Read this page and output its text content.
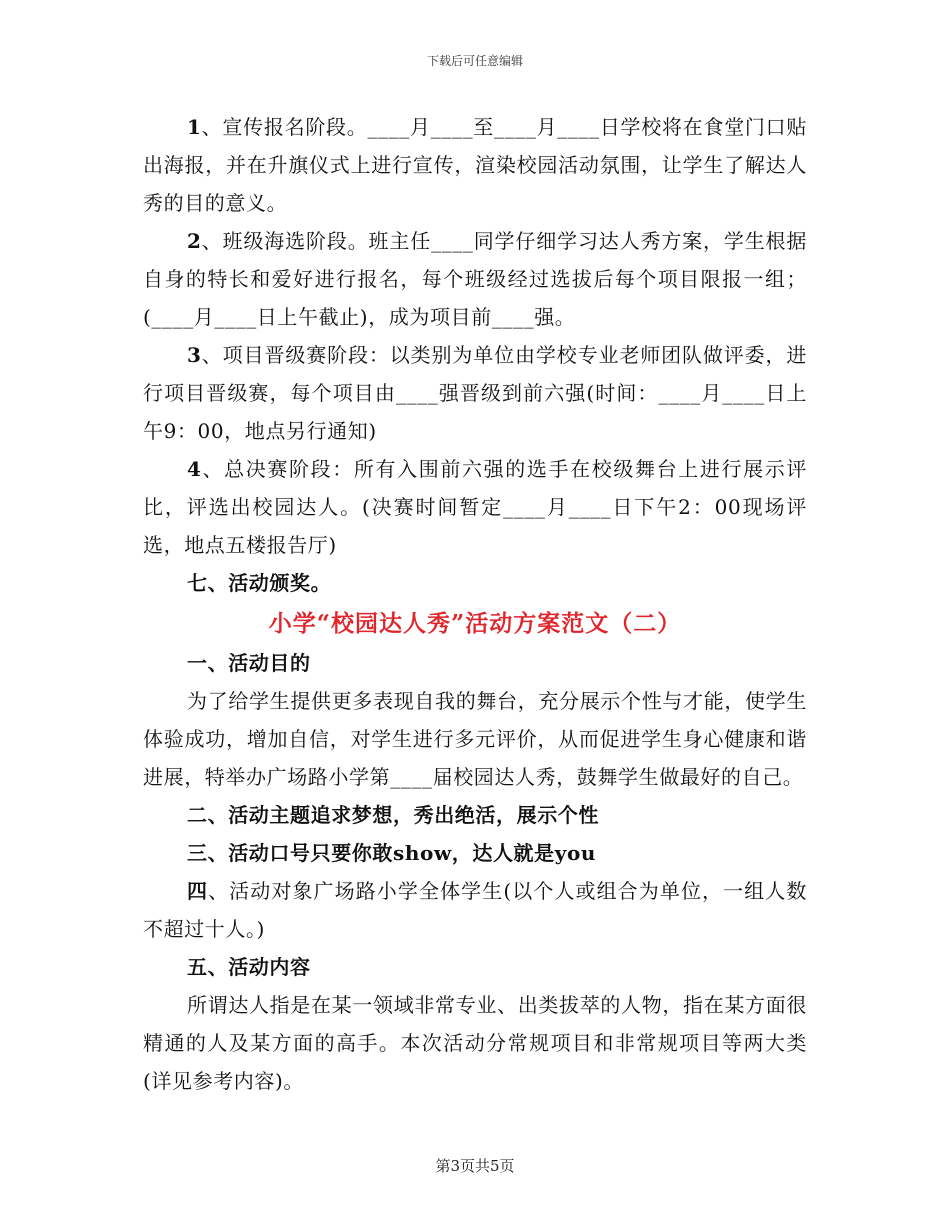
下载后可任意编辑

1、宣传报名阶段。____月____至____月____日学校将在食堂门口贴出海报，并在升旗仪式上进行宣传，渲染校园活动氛围，让学生了解达人秀的目的意义。

2、班级海选阶段。班主任____同学仔细学习达人秀方案，学生根据自身的特长和爱好进行报名，每个班级经过选拔后每个项目限报一组；(____月____日上午截止)，成为项目前____强。

3、项目晋级赛阶段：以类别为单位由学校专业老师团队做评委，进行项目晋级赛，每个项目由____强晋级到前六强(时间：____月____日上午9：00，地点另行通知)

4、总决赛阶段：所有入围前六强的选手在校级舞台上进行展示评比，评选出校园达人。(决赛时间暂定____月____日下午2：00现场评选，地点五楼报告厅)

七、活动颁奖。

小学“校园达人秀”活动方案范文（二）

一、活动目的

为了给学生提供更多表现自我的舞台，充分展示个性与才能，使学生体验成功，增加自信，对学生进行多元评价，从而促进学生身心健康和谐进展，特举办广场路小学第____届校园达人秀，鼓舞学生做最好的自己。

二、活动主题追求梦想，秀出绝活，展示个性

三、活动口号只要你敢show，达人就是you

四、活动对象广场路小学全体学生(以个人或组合为单位，一组人数不超过十人。)

五、活动内容

所谓达人指是在某一领域非常专业、出类拔萃的人物，指在某方面很精通的人及某方面的高手。本次活动分常规项目和非常规项目等两大类(详见参考内容)。

第3页共5页
